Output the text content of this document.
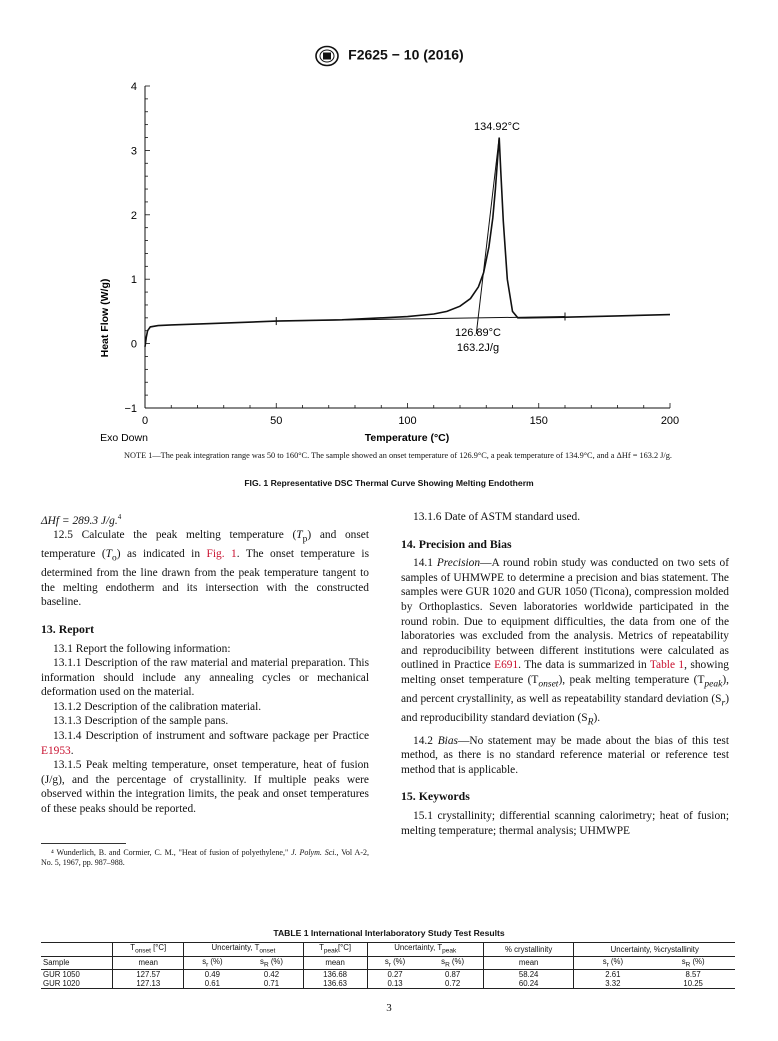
F2625 − 10 (2016)
−1
0
1
2
3
4
0	50	100	150	200
Heat Flow (W/g)
Temperature (°C)
Exo Down
134.92°C
126.89°C
163.2J/g
NOTE 1—The peak integration range was 50 to 160°C. The sample showed an onset temperature of 126.9°C, a peak temperature of 134.9°C, and a ΔHf = 163.2 J/g.
FIG. 1 Representative DSC Thermal Curve Showing Melting Endotherm

ΔHf = 289.3 J/g.$^4$

12.5 Calculate the peak melting temperature $(T_p)$ and onset temperature $(T_o)$ as indicated in Fig. 1. The onset temperature is determined from the line drawn from the peak temperature tangent to the melting endotherm and its intersection with the constructed baseline.

13. Report

13.1 Report the following information:

13.1.1 Description of the raw material and material preparation. This information should include any annealing cycles or mechanical deformation used on the material.

13.1.2 Description of the calibration material.

13.1.3 Description of the sample pans.

13.1.4 Description of instrument and software package per Practice E1953.

13.1.5 Peak melting temperature, onset temperature, heat of fusion (J/g), and the percentage of crystallinity. If multiple peaks were observed within the integration limits, the peak and onset temperatures of these peaks should be reported.

⁴ Wunderlich, B. and Cormier, C. M., "Heat of fusion of polyethylene," J. Polym. Sci., Vol A-2, No. 5, 1967, pp. 987–988.

13.1.6 Date of ASTM standard used.

14. Precision and Bias

14.1 Precision—A round robin study was conducted on two sets of samples of UHMWPE to determine a precision and bias statement. The samples were GUR 1020 and GUR 1050 (Ticona), compression molded by Orthoplastics. Seven laboratories worldwide participated in the round robin. Due to equipment difficulties, the data from one of the laboratories was excluded from the analysis. Metrics of repeatability and reproducibility between different institutions were calculated as outlined in Practice E691. The data is summarized in Table 1, showing melting onset temperature $(T_{onset})$, peak melting temperature $(T_{peak})$, and percent crystallinity, as well as repeatability standard deviation $(S_r)$ and reproducibility standard deviation $(S_R)$.

14.2 Bias—No statement may be made about the bias of this test method, as there is no standard reference material or reference test method that is applicable.

15. Keywords

15.1 crystallinity; differential scanning calorimetry; heat of fusion; melting temperature; thermal analysis; UHMWPE

TABLE 1 International Interlaboratory Study Test Results
	$T_{onset}$ [°C]	Uncertainty, $T_{onset}$		$T_{peak}[^\circ C]$	Uncertainty, $T_{peak}$		% crystallinity	Uncertainty, %crystallinity	
Sample	mean	$s_r$ (%)	$s_R$ (%)	mean	$s_r$ (%)	$s_R$ (%)	mean	$s_r$ (%)	$s_R$ (%)
GUR 1050	127.57	0.49	0.42	136.68	0.27	0.87	58.24	2.61	8.57
GUR 1020	127.13	0.61	0.71	136.63	0.13	0.72	60.24	3.32	10.25
3
